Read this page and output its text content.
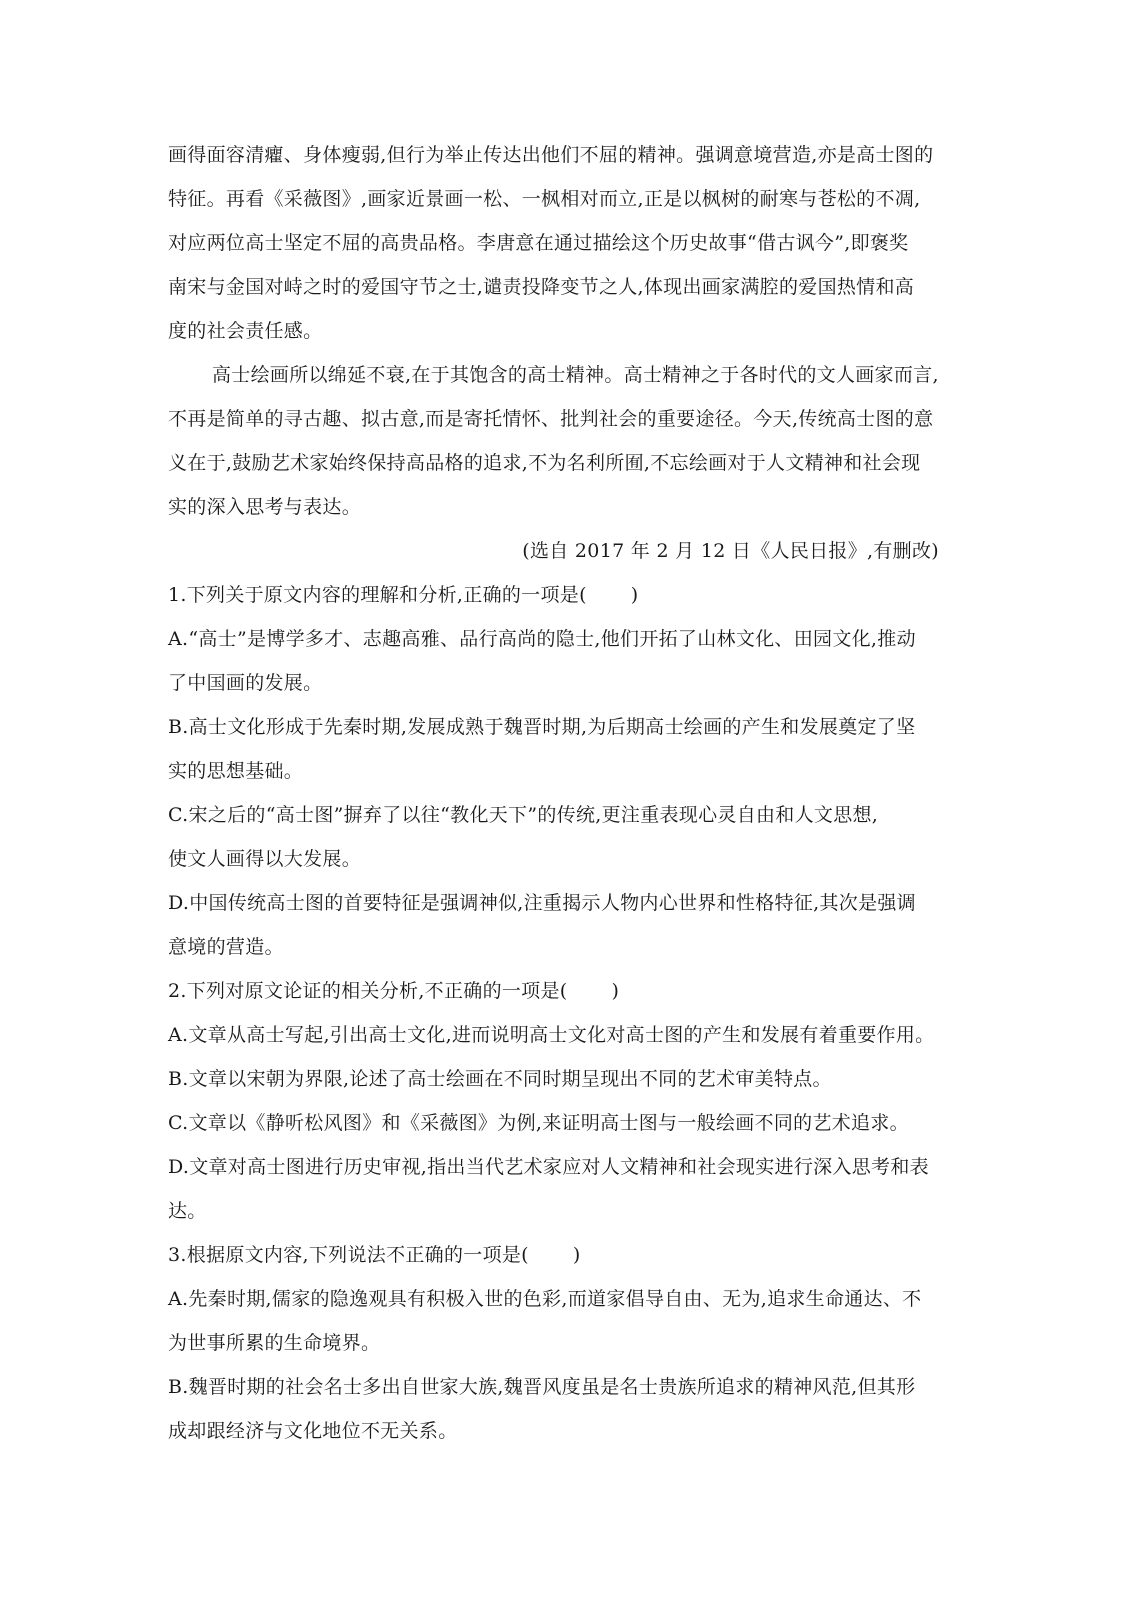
画得面容清癯、身体瘦弱,但行为举止传达出他们不屈的精神。强调意境营造,亦是高士图的
特征。再看《采薇图》,画家近景画一松、一枫相对而立,正是以枫树的耐寒与苍松的不凋,
对应两位高士坚定不屈的高贵品格。李唐意在通过描绘这个历史故事“借古讽今”,即褒奖
南宋与金国对峙之时的爱国守节之士,谴责投降变节之人,体现出画家满腔的爱国热情和高
度的社会责任感。
高士绘画所以绵延不衰,在于其饱含的高士精神。高士精神之于各时代的文人画家而言,
不再是简单的寻古趣、拟古意,而是寄托情怀、批判社会的重要途径。今天,传统高士图的意
义在于,鼓励艺术家始终保持高品格的追求,不为名利所囿,不忘绘画对于人文精神和社会现
实的深入思考与表达。
(选自 2017 年 2 月 12 日《人民日报》,有删改)
1.下列关于原文内容的理解和分析,正确的一项是( )
A.“高士”是博学多才、志趣高雅、品行高尚的隐士,他们开拓了山林文化、田园文化,推动
了中国画的发展。
B.高士文化形成于先秦时期,发展成熟于魏晋时期,为后期高士绘画的产生和发展奠定了坚
实的思想基础。
C.宋之后的“高士图”摒弃了以往“教化天下”的传统,更注重表现心灵自由和人文思想,
使文人画得以大发展。
D.中国传统高士图的首要特征是强调神似,注重揭示人物内心世界和性格特征,其次是强调
意境的营造。
2.下列对原文论证的相关分析,不正确的一项是( )
A.文章从高士写起,引出高士文化,进而说明高士文化对高士图的产生和发展有着重要作用。
B.文章以宋朝为界限,论述了高士绘画在不同时期呈现出不同的艺术审美特点。
C.文章以《静听松风图》和《采薇图》为例,来证明高士图与一般绘画不同的艺术追求。
D.文章对高士图进行历史审视,指出当代艺术家应对人文精神和社会现实进行深入思考和表
达。
3.根据原文内容,下列说法不正确的一项是( )
A.先秦时期,儒家的隐逸观具有积极入世的色彩,而道家倡导自由、无为,追求生命通达、不
为世事所累的生命境界。
B.魏晋时期的社会名士多出自世家大族,魏晋风度虽是名士贵族所追求的精神风范,但其形
成却跟经济与文化地位不无关系。
